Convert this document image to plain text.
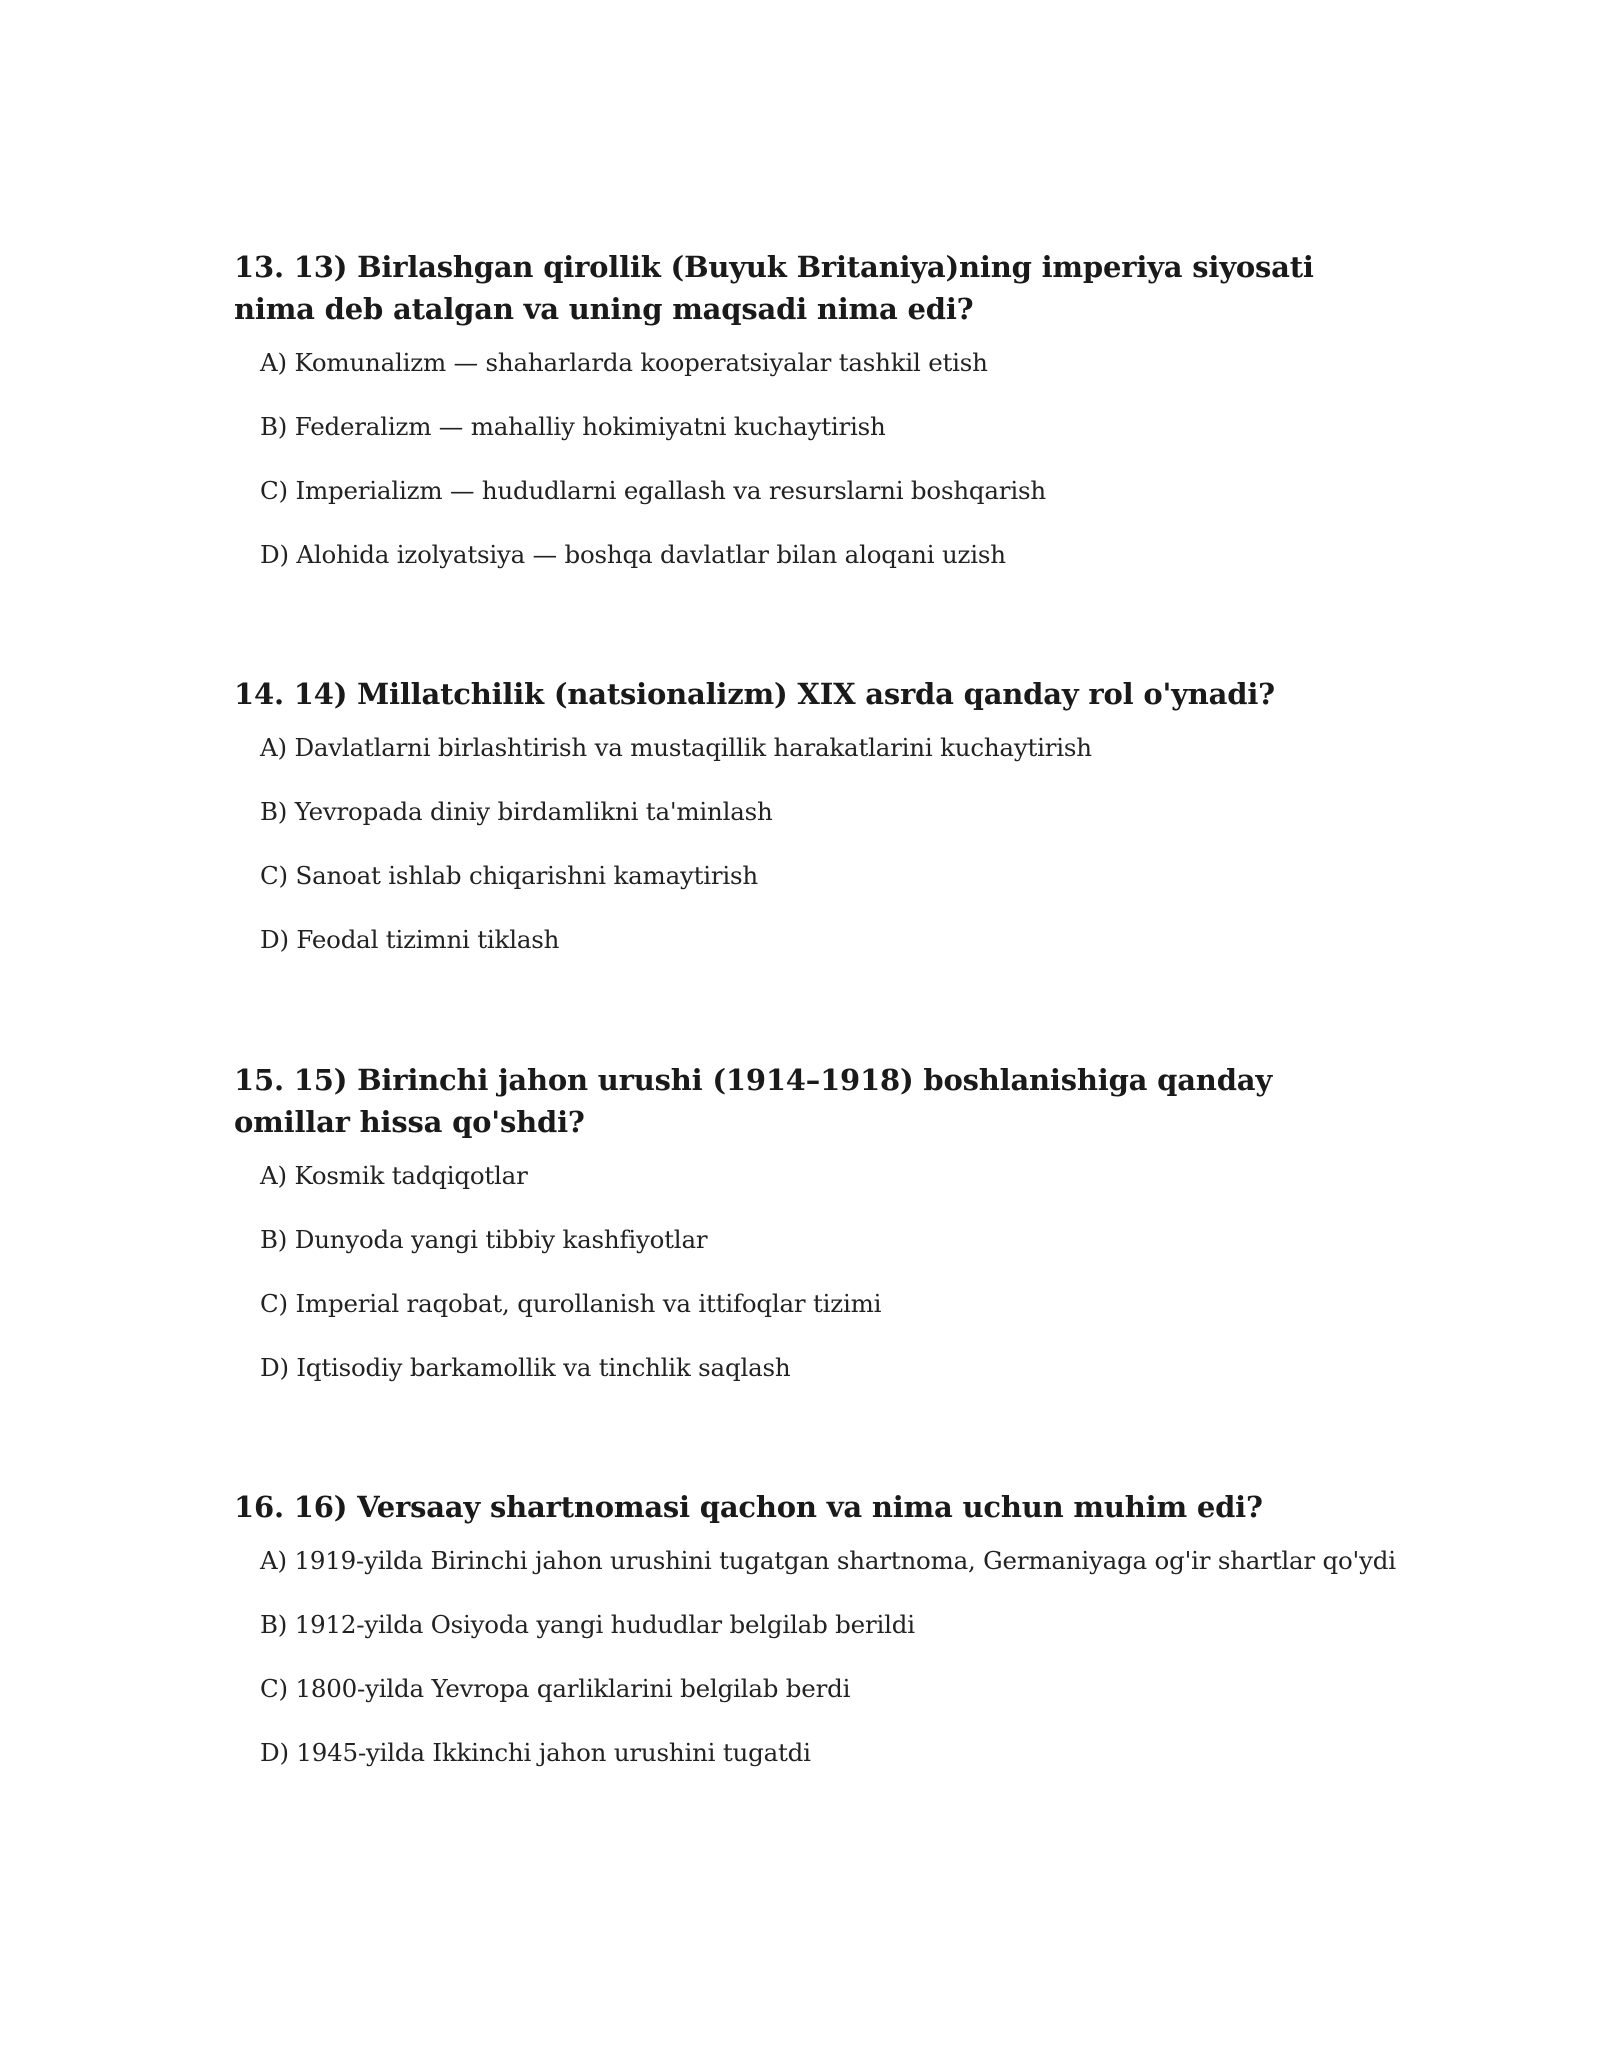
13. 13) Birlashgan qirollik (Buyuk Britaniya)ning imperiya siyosati nima deb atalgan va uning maqsadi nima edi?
A) Komunalizm — shaharlarda kooperatsiyalar tashkil etish
B) Federalizm — mahalliy hokimiyatni kuchaytirish
C) Imperializm — hududlarni egallash va resurslarni boshqarish
D) Alohida izolyatsiya — boshqa davlatlar bilan aloqani uzish
14. 14) Millatchilik (natsionalizm) XIX asrda qanday rol o'ynadi?
A) Davlatlarni birlashtirish va mustaqillik harakatlarini kuchaytirish
B) Yevropada diniy birdamlikni ta'minlash
C) Sanoat ishlab chiqarishni kamaytirish
D) Feodal tizimni tiklash
15. 15) Birinchi jahon urushi (1914–1918) boshlanishiga qanday omillar hissa qo'shdi?
A) Kosmik tadqiqotlar
B) Dunyoda yangi tibbiy kashfiyotlar
C) Imperial raqobat, qurollanish va ittifoqlar tizimi
D) Iqtisodiy barkamollik va tinchlik saqlash
16. 16) Versaay shartnomasi qachon va nima uchun muhim edi?
A) 1919-yilda Birinchi jahon urushini tugatgan shartnoma, Germaniyaga og'ir shartlar qo'ydi
B) 1912-yilda Osiyoda yangi hududlar belgilab berildi
C) 1800-yilda Yevropa qarliklarini belgilab berdi
D) 1945-yilda Ikkinchi jahon urushini tugatdi
